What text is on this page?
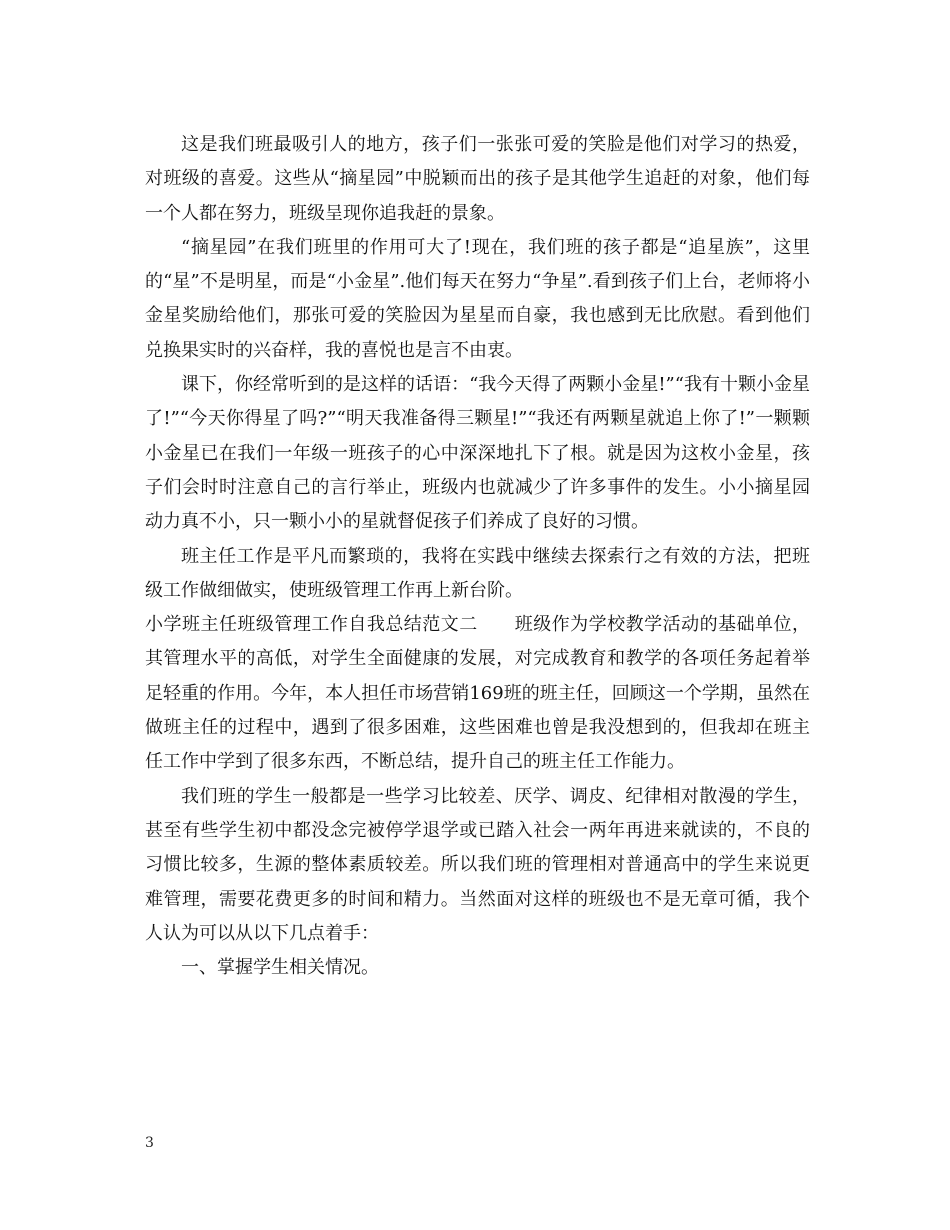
这是我们班最吸引人的地方，孩子们一张张可爱的笑脸是他们对学习的热爱，对班级的喜爱。这些从“摘星园”中脱颖而出的孩子是其他学生追赶的对象，他们每一个人都在努力，班级呈现你追我赶的景象。

“摘星园”在我们班里的作用可大了!现在，我们班的孩子都是“追星族”，这里的“星”不是明星，而是“小金星”.他们每天在努力“争星”.看到孩子们上台，老师将小金星奖励给他们，那张可爱的笑脸因为星星而自豪，我也感到无比欣慰。看到他们兑换果实时的兴奋样，我的喜悦也是言不由衷。

课下，你经常听到的是这样的话语：“我今天得了两颗小金星!”“我有十颗小金星了!”“今天你得星了吗?”“明天我准备得三颗星!”“我还有两颗星就追上你了!”一颗颗小金星已在我们一年级一班孩子的心中深深地扎下了根。就是因为这枚小金星，孩子们会时时注意自己的言行举止，班级内也就减少了许多事件的发生。小小摘星园动力真不小，只一颗小小的星就督促孩子们养成了良好的习惯。

班主任工作是平凡而繁琐的，我将在实践中继续去探索行之有效的方法，把班级工作做细做实，使班级管理工作再上新台阶。

小学班主任班级管理工作自我总结范文二　　班级作为学校教学活动的基础单位，其管理水平的高低，对学生全面健康的发展，对完成教育和教学的各项任务起着举足轻重的作用。今年，本人担任市场营销169班的班主任，回顾这一个学期，虽然在做班主任的过程中，遇到了很多困难，这些困难也曾是我没想到的，但我却在班主任工作中学到了很多东西，不断总结，提升自己的班主任工作能力。

我们班的学生一般都是一些学习比较差、厌学、调皮、纪律相对散漫的学生，甚至有些学生初中都没念完被停学退学或已踏入社会一两年再进来就读的，不良的习惯比较多，生源的整体素质较差。所以我们班的管理相对普通高中的学生来说更难管理，需要花费更多的时间和精力。当然面对这样的班级也不是无章可循，我个人认为可以从以下几点着手：

一、掌握学生相关情况。

3
